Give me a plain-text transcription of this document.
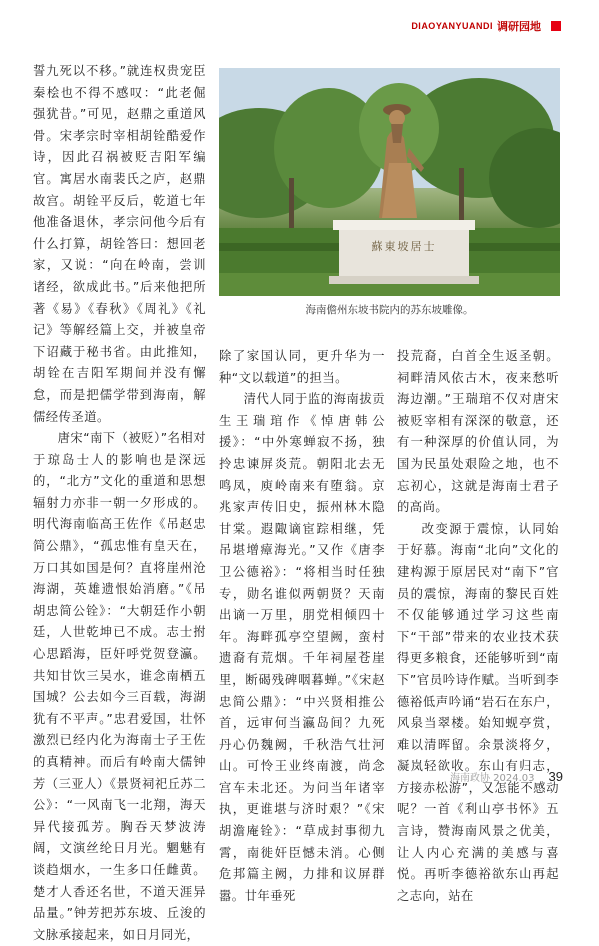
DIAOYANYUANDI 调研园地

誓九死以不移。”就连权贵宠臣秦桧也不得不感叹：“此老倔强犹昔。”可见，赵鼎之重道风骨。宋孝宗时宰相胡铨酷爱作诗，因此召祸被贬吉阳军编官。寓居水南裴氏之庐，赵鼎故宫。胡铨平反后，乾道七年他准备退休，孝宗问他今后有什么打算，胡铨答曰：想回老家，又说：“向在岭南，尝训诸经，欲成此书。”后来他把所著《易》《春秋》《周礼》《礼记》等解经篇上交，并被皇帝下诏藏于秘书省。由此推知，胡铨在吉阳军期间并没有懈怠，而是把儒学带到海南，解儒经传圣道。

唐宋“南下（被贬）”名相对于琼岛士人的影响也是深远的，“北方”文化的重道和思想辐射力亦非一朝一夕形成的。明代海南临高王佐作《吊赵忠简公鼎》，“孤忠惟有皇天在，万口其如国是何？直将崖州沧海湖，英雄遗恨始消磨。”《吊胡忠简公铨》：“大朝廷作小朝廷，人世乾坤已不成。志士拊心思蹈海，臣奸呼党贺登瀛。共知甘饮三吴水，谁念南栖五国城？公去如今三百载，海湖犹有不平声。”忠君爱国，壮怀激烈已经内化为海南士子王佐的真精神。而后有岭南大儒钟芳（三亚人）《景贤祠祀丘苏二公》：“一风南飞一北翔，海天异代接孤芳。胸吞天梦波涛阔，文演丝纶日月光。魍魅有谈趋烟水，一生多口任雌黄。楚才人香还名世，不道天涯异品量。”钟芳把苏东坡、丘浚的文脉承接起来，如日月同光，

蘇東坡居士
海南儋州东坡书院内的苏东坡雕像。

除了家国认同，更升华为一种“文以载道”的担当。

清代人同于监的海南拔贡生王瑞琯作《悼唐韩公援》：“中外寒蝉寂不扬，独拎忠谏屏炎荒。朝阳北去无鸣凤，庾岭南来有堕翁。京兆家声传旧史，振州林木隐甘棠。遐陬谪宦踪相继，凭吊堪增瘴海光。”又作《唐李卫公德裕》：“将相当时任独专，勋名谁似两朝贤？天南出谪一万里，朋党相倾四十年。海畔孤亭空望阙，蛮村遗裔有荒烟。千年祠屋苍崖里，断碣残碑咽暮蝉。”《宋赵忠简公鼎》：“中兴贤相推公首，远审何当瀛岛间？九死丹心仍魏阙，千秋浩气壮河山。可怜王业终南渡，尚念宫车未北还。为问当年诸宰执，更谁堪与济时艰？”《宋胡澹庵铨》：“草成封事彻九霄，南徙奸臣憾未消。心侧危邦篇主阙，力排和议屏群嚣。廿年垂死

投荒裔，白首全生返圣朝。祠畔清风依古木，夜来愁听海边潮。”王瑞琯不仅对唐宋被贬宰相有深深的敬意，还有一种深厚的价值认同，为国为民虽处艰险之地，也不忘初心，这就是海南士君子的高尚。

改变源于震惊，认同始于好慕。海南“北向”文化的建构源于原居民对“南下”官员的震惊，海南的黎民百姓不仅能够通过学习这些南下“干部”带来的农业技术获得更多粮食，还能够听到“南下”官员吟诗作赋。当听到李德裕低声吟诵“岩石在东户，风泉当翠楼。始知蚬亭赏，难以清晖留。余景淡将夕，凝岚轻欲收。东山有归志，方接赤松游”，又怎能不感动呢？一首《利山亭书怀》五言诗，赞海南风景之优美，让人内心充满的美感与喜悦。再听李德裕欲东山再起之志向，站在

海南政协 2024.03 39
